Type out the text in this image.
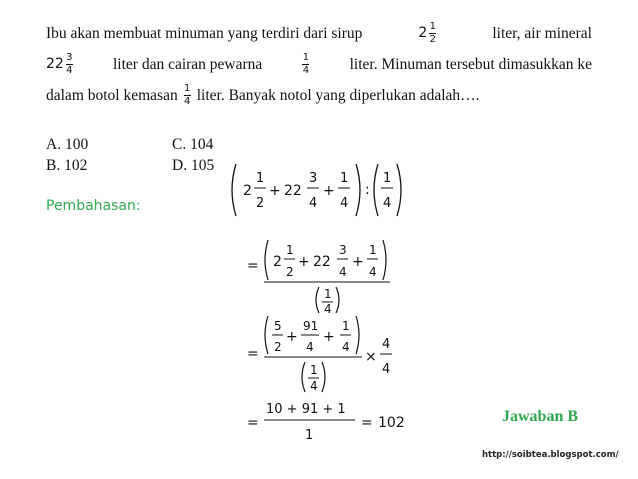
Ibu akan membuat minuman yang terdiri dari sirup	$2 \frac{1}{2}$	liter, air mineral
$22 \frac{3}{4}$	liter dan cairan pewarna	$\frac{1}{4}$	liter. Minuman tersebut dimasukkan ke
dalam botol kemasan $\frac{1}{4}$ liter. Banyak notol yang diperlukan adalah….
A. 100	C. 104
B. 102	D. 105
Pembahasan:
2
1
2
+ 22
3
4
+
1
4
:
1
4
= 2
1
2
+ 22
3
4
+
1
4
1
4
=
5
2
+
91
4
+
1
4
1
4
×
4
4
=
10 + 91 + 1
1
= 102	Jawaban B
http://soibtea.blogspot.com/
